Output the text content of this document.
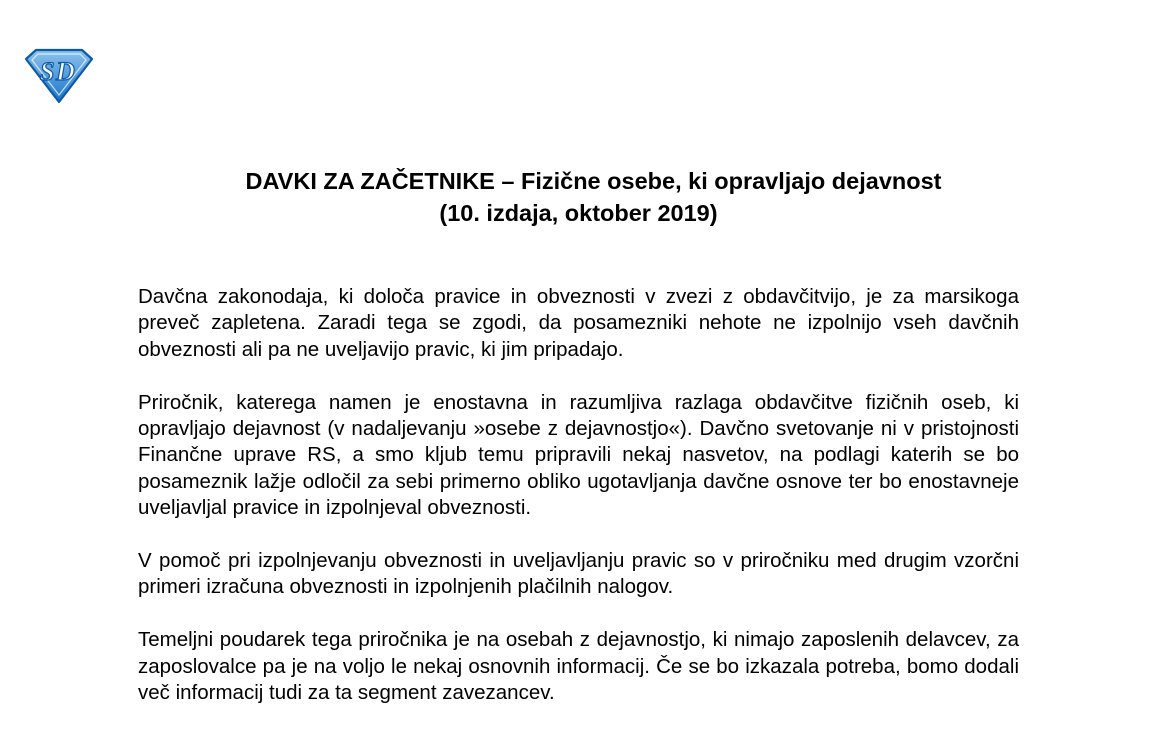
S D

DAVKI ZA ZAČETNIKE – Fizične osebe, ki opravljajo dejavnost

(10. izdaja, oktober 2019)

Davčna zakonodaja, ki določa pravice in obveznosti v zvezi z obdavčitvijo, je za marsikoga preveč zapletena. Zaradi tega se zgodi, da posamezniki nehote ne izpolnijo vseh davčnih obveznosti ali pa ne uveljavijo pravic, ki jim pripadajo.

Priročnik, katerega namen je enostavna in razumljiva razlaga obdavčitve fizičnih oseb, ki opravljajo dejavnost (v nadaljevanju »osebe z dejavnostjo«). Davčno svetovanje ni v pristojnosti Finančne uprave RS, a smo kljub temu pripravili nekaj nasvetov, na podlagi katerih se bo posameznik lažje odločil za sebi primerno obliko ugotavljanja davčne osnove ter bo enostavneje uveljavljal pravice in izpolnjeval obveznosti.

V pomoč pri izpolnjevanju obveznosti in uveljavljanju pravic so v priročniku med drugim vzorčni primeri izračuna obveznosti in izpolnjenih plačilnih nalogov.

Temeljni poudarek tega priročnika je na osebah z dejavnostjo, ki nimajo zaposlenih delavcev, za zaposlovalce pa je na voljo le nekaj osnovnih informacij. Če se bo izkazala potreba, bomo dodali več informacij tudi za ta segment zavezancev.
